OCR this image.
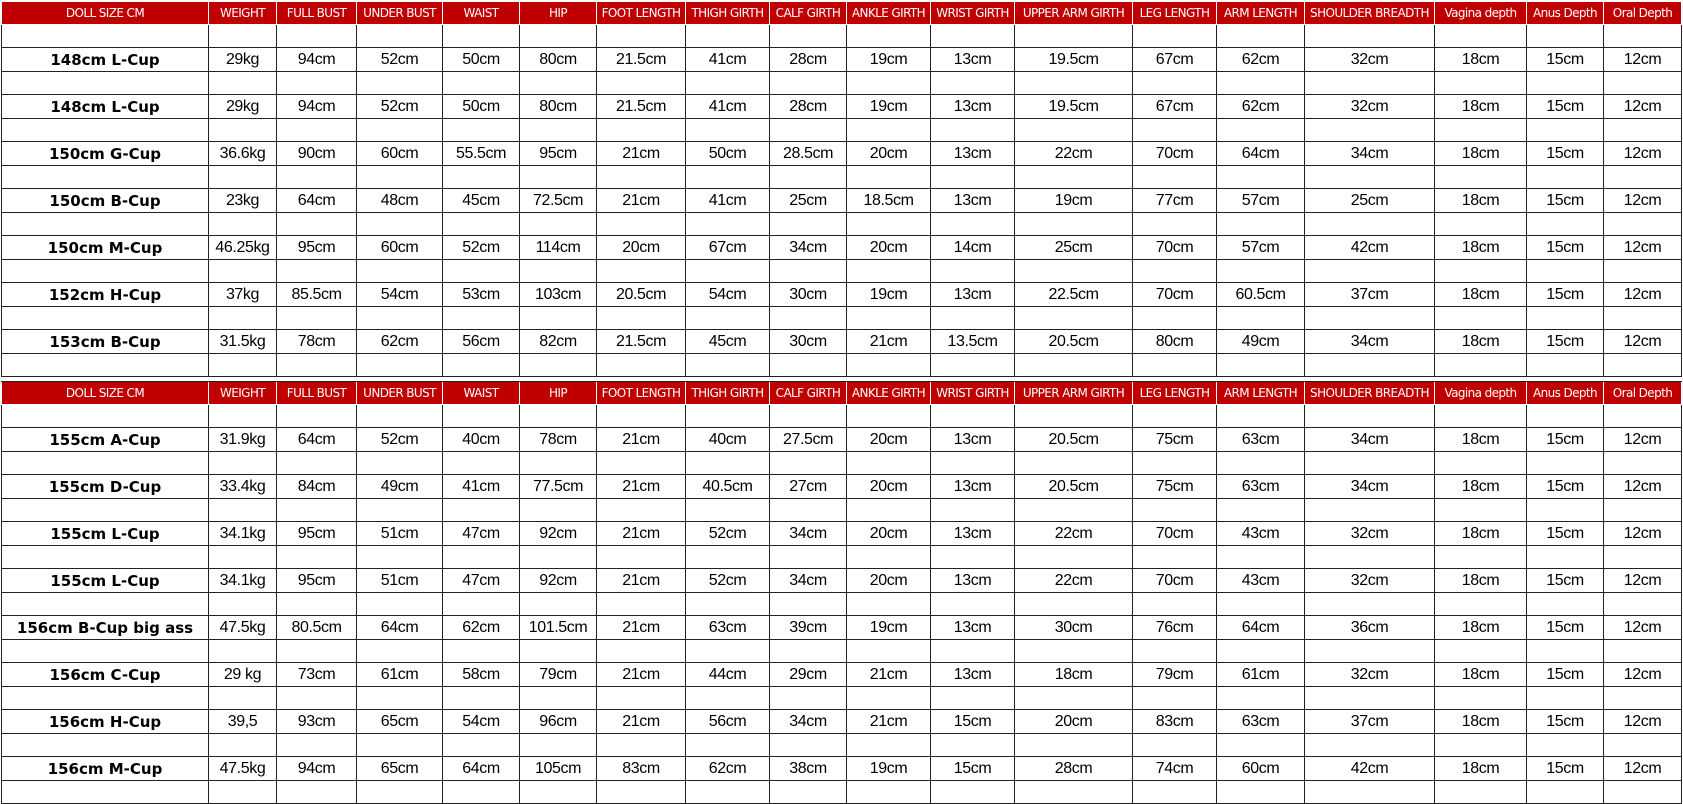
DOLL SIZE CM	WEIGHT	FULL BUST	UNDER BUST	WAIST	HIP	FOOT LENGTH	THIGH GIRTH	CALF GIRTH	ANKLE GIRTH	WRIST GIRTH	UPPER ARM GIRTH	LEG LENGTH	ARM LENGTH	SHOULDER BREADTH	Vagina depth	Anus Depth	Oral Depth

148cm L-Cup	29kg	94cm	52cm	50cm	80cm	21.5cm	41cm	28cm	19cm	13cm	19.5cm	67cm	62cm	32cm	18cm	15cm	12cm

148cm L-Cup	29kg	94cm	52cm	50cm	80cm	21.5cm	41cm	28cm	19cm	13cm	19.5cm	67cm	62cm	32cm	18cm	15cm	12cm

150cm G-Cup	36.6kg	90cm	60cm	55.5cm	95cm	21cm	50cm	28.5cm	20cm	13cm	22cm	70cm	64cm	34cm	18cm	15cm	12cm

150cm B-Cup	23kg	64cm	48cm	45cm	72.5cm	21cm	41cm	25cm	18.5cm	13cm	19cm	77cm	57cm	25cm	18cm	15cm	12cm

150cm M-Cup	46.25kg	95cm	60cm	52cm	114cm	20cm	67cm	34cm	20cm	14cm	25cm	70cm	57cm	42cm	18cm	15cm	12cm

152cm H-Cup	37kg	85.5cm	54cm	53cm	103cm	20.5cm	54cm	30cm	19cm	13cm	22.5cm	70cm	60.5cm	37cm	18cm	15cm	12cm

153cm B-Cup	31.5kg	78cm	62cm	56cm	82cm	21.5cm	45cm	30cm	21cm	13.5cm	20.5cm	80cm	49cm	34cm	18cm	15cm	12cm

DOLL SIZE CM	WEIGHT	FULL BUST	UNDER BUST	WAIST	HIP	FOOT LENGTH	THIGH GIRTH	CALF GIRTH	ANKLE GIRTH	WRIST GIRTH	UPPER ARM GIRTH	LEG LENGTH	ARM LENGTH	SHOULDER BREADTH	Vagina depth	Anus Depth	Oral Depth

155cm A-Cup	31.9kg	64cm	52cm	40cm	78cm	21cm	40cm	27.5cm	20cm	13cm	20.5cm	75cm	63cm	34cm	18cm	15cm	12cm

155cm D-Cup	33.4kg	84cm	49cm	41cm	77.5cm	21cm	40.5cm	27cm	20cm	13cm	20.5cm	75cm	63cm	34cm	18cm	15cm	12cm

155cm L-Cup	34.1kg	95cm	51cm	47cm	92cm	21cm	52cm	34cm	20cm	13cm	22cm	70cm	43cm	32cm	18cm	15cm	12cm

155cm L-Cup	34.1kg	95cm	51cm	47cm	92cm	21cm	52cm	34cm	20cm	13cm	22cm	70cm	43cm	32cm	18cm	15cm	12cm

156cm B-Cup big ass	47.5kg	80.5cm	64cm	62cm	101.5cm	21cm	63cm	39cm	19cm	13cm	30cm	76cm	64cm	36cm	18cm	15cm	12cm

156cm C-Cup	29 kg	73cm	61cm	58cm	79cm	21cm	44cm	29cm	21cm	13cm	18cm	79cm	61cm	32cm	18cm	15cm	12cm

156cm H-Cup	39,5	93cm	65cm	54cm	96cm	21cm	56cm	34cm	21cm	15cm	20cm	83cm	63cm	37cm	18cm	15cm	12cm

156cm M-Cup	47.5kg	94cm	65cm	64cm	105cm	83cm	62cm	38cm	19cm	15cm	28cm	74cm	60cm	42cm	18cm	15cm	12cm
